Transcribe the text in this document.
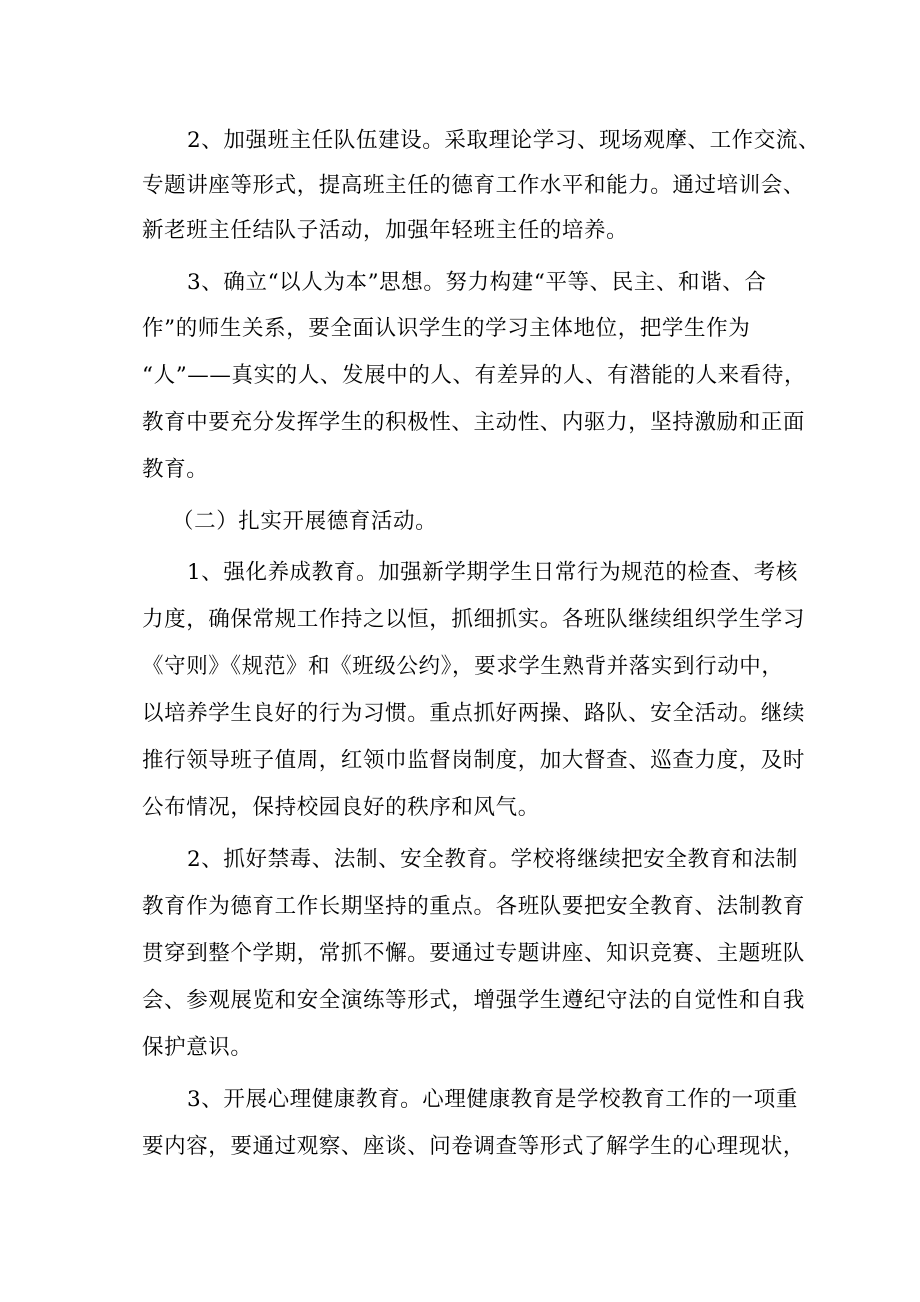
2、加强班主任队伍建设。采取理论学习、现场观摩、工作交流、
专题讲座等形式，提高班主任的德育工作水平和能力。通过培训会、
新老班主任结队子活动，加强年轻班主任的培养。
3、确立“以人为本”思想。努力构建“平等、民主、和谐、合
作”的师生关系，要全面认识学生的学习主体地位，把学生作为
“人”——真实的人、发展中的人、有差异的人、有潜能的人来看待，
教育中要充分发挥学生的积极性、主动性、内驱力，坚持激励和正面
教育。
（二）扎实开展德育活动。
1、强化养成教育。加强新学期学生日常行为规范的检查、考核
力度，确保常规工作持之以恒，抓细抓实。各班队继续组织学生学习
《守则》《规范》和《班级公约》，要求学生熟背并落实到行动中，
以培养学生良好的行为习惯。重点抓好两操、路队、安全活动。继续
推行领导班子值周，红领巾监督岗制度，加大督查、巡查力度，及时
公布情况，保持校园良好的秩序和风气。
2、抓好禁毒、法制、安全教育。学校将继续把安全教育和法制
教育作为德育工作长期坚持的重点。各班队要把安全教育、法制教育
贯穿到整个学期，常抓不懈。要通过专题讲座、知识竞赛、主题班队
会、参观展览和安全演练等形式，增强学生遵纪守法的自觉性和自我
保护意识。
3、开展心理健康教育。心理健康教育是学校教育工作的一项重
要内容，要通过观察、座谈、问卷调查等形式了解学生的心理现状，
